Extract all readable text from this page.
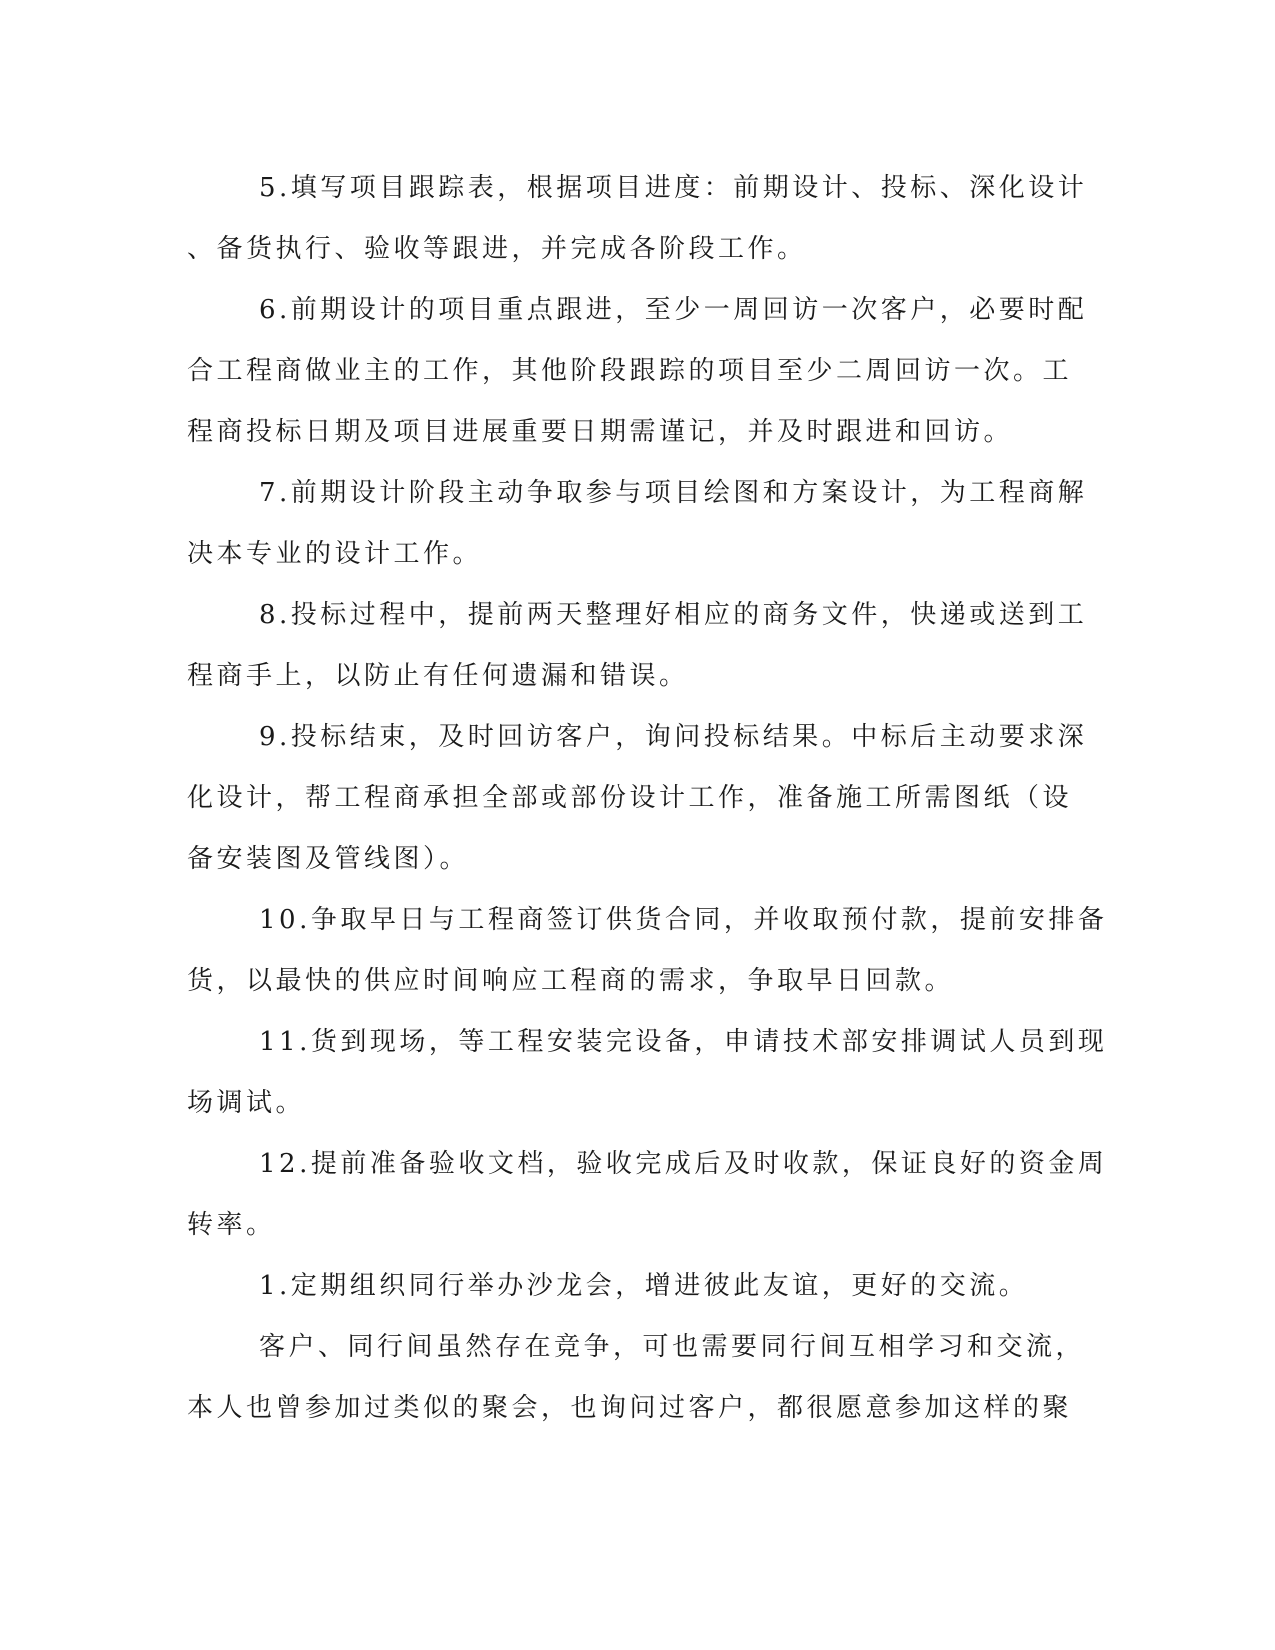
5.填写项目跟踪表，根据项目进度：前期设计、投标、深化设计
、备货执行、验收等跟进，并完成各阶段工作。
6.前期设计的项目重点跟进，至少一周回访一次客户，必要时配
合工程商做业主的工作，其他阶段跟踪的项目至少二周回访一次。工
程商投标日期及项目进展重要日期需谨记，并及时跟进和回访。
7.前期设计阶段主动争取参与项目绘图和方案设计，为工程商解
决本专业的设计工作。
8.投标过程中，提前两天整理好相应的商务文件，快递或送到工
程商手上，以防止有任何遗漏和错误。
9.投标结束，及时回访客户，询问投标结果。中标后主动要求深
化设计，帮工程商承担全部或部份设计工作，准备施工所需图纸（设
备安装图及管线图）。
10.争取早日与工程商签订供货合同，并收取预付款，提前安排备
货，以最快的供应时间响应工程商的需求，争取早日回款。
11.货到现场，等工程安装完设备，申请技术部安排调试人员到现
场调试。
12.提前准备验收文档，验收完成后及时收款，保证良好的资金周
转率。
1.定期组织同行举办沙龙会，增进彼此友谊，更好的交流。
客户、同行间虽然存在竞争，可也需要同行间互相学习和交流，
本人也曾参加过类似的聚会，也询问过客户，都很愿意参加这样的聚
